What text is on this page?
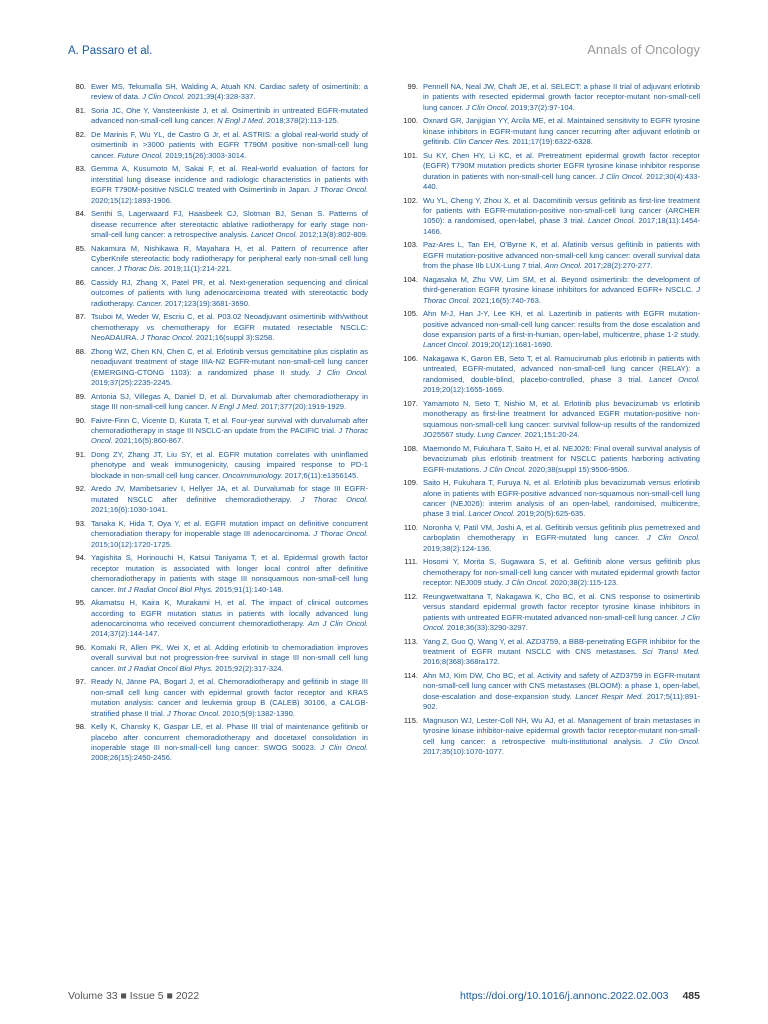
A. Passaro et al.	Annals of Oncology
80. Ewer MS, Tekumalla SH, Walding A, Atuah KN. Cardiac safety of osimertinib: a review of data. J Clin Oncol. 2021;39(4):328-337.
81. Soria JC, Ohe Y, Vansteenkiste J, et al. Osimertinib in untreated EGFR-mutated advanced non-small-cell lung cancer. N Engl J Med. 2018;378(2):113-125.
82. De Marinis F, Wu YL, de Castro G Jr, et al. ASTRIS: a global real-world study of osimertinib in >3000 patients with EGFR T790M positive non-small-cell lung cancer. Future Oncol. 2019;15(26):3003-3014.
83. Gemma A, Kusumoto M, Sakai F, et al. Real-world evaluation of factors for interstitial lung disease incidence and radiologic characteristics in patients with EGFR T790M-positive NSCLC treated with Osimertinib in Japan. J Thorac Oncol. 2020;15(12):1893-1906.
84. Senthi S, Lagerwaard FJ, Haasbeek CJ, Slotman BJ, Senan S. Patterns of disease recurrence after stereotactic ablative radiotherapy for early stage non-small-cell lung cancer: a retrospective analysis. Lancet Oncol. 2012;13(8):802-809.
85. Nakamura M, Nishikawa R, Mayahara H, et al. Pattern of recurrence after CyberKnife stereotactic body radiotherapy for peripheral early non-small cell lung cancer. J Thorac Dis. 2019;11(1):214-221.
86. Cassidy RJ, Zhang X, Patel PR, et al. Next-generation sequencing and clinical outcomes of patients with lung adenocarcinoma treated with stereotactic body radiotherapy. Cancer. 2017;123(19):3681-3690.
87. Tsuboi M, Weder W, Escriu C, et al. P03.02 Neoadjuvant osimertinib with/without chemotherapy vs chemotherapy for EGFR mutated resectable NSCLC: NeoADAURA. J Thorac Oncol. 2021;16(suppl 3):S258.
88. Zhong WZ, Chen KN, Chen C, et al. Erlotinib versus gemcitabine plus cisplatin as neoadjuvant treatment of stage IIIA-N2 EGFR-mutant non-small-cell lung cancer (EMERGING-CTONG 1103): a randomized phase II study. J Clin Oncol. 2019;37(25):2235-2245.
89. Antonia SJ, Villegas A, Daniel D, et al. Durvalumab after chemoradiotherapy in stage III non-small-cell lung cancer. N Engl J Med. 2017;377(20):1919-1929.
90. Faivre-Finn C, Vicente D, Kurata T, et al. Four-year survival with durvalumab after chemoradiotherapy in stage III NSCLC-an update from the PACIFIC trial. J Thorac Oncol. 2021;16(5):860-867.
91. Dong ZY, Zhang JT, Liu SY, et al. EGFR mutation correlates with uninflamed phenotype and weak immunogenicity, causing impaired response to PD-1 blockade in non-small cell lung cancer. Oncoimmunology. 2017;6(11):e1356145.
92. Aredo JV, Mambetsariev I, Hellyer JA, et al. Durvalumab for stage III EGFR-mutated NSCLC after definitive chemoradiotherapy. J Thorac Oncol. 2021;16(6):1030-1041.
93. Tanaka K, Hida T, Oya Y, et al. EGFR mutation impact on definitive concurrent chemoradiation therapy for inoperable stage III adenocarcinoma. J Thorac Oncol. 2015;10(12):1720-1725.
94. Yagishita S, Horinouchi H, Katsui Taniyama T, et al. Epidermal growth factor receptor mutation is associated with longer local control after definitive chemoradiotherapy in patients with stage III nonsquamous non-small-cell lung cancer. Int J Radiat Oncol Biol Phys. 2015;91(1):140-148.
95. Akamatsu H, Kaira K, Murakami H, et al. The impact of clinical outcomes according to EGFR mutation status in patients with locally advanced lung adenocarcinoma who received concurrent chemoradiotherapy. Am J Clin Oncol. 2014;37(2):144-147.
96. Komaki R, Allen PK, Wei X, et al. Adding erlotinib to chemoradiation improves overall survival but not progression-free survival in stage III non-small cell lung cancer. Int J Radiat Oncol Biol Phys. 2015;92(2):317-324.
97. Ready N, Jänne PA, Bogart J, et al. Chemoradiotherapy and gefitinib in stage III non-small cell lung cancer with epidermal growth factor receptor and KRAS mutation analysis: cancer and leukemia group B (CALEB) 30106, a CALGB-stratified phase II trial. J Thorac Oncol. 2010;5(9):1382-1390.
98. Kelly K, Chansky K, Gaspar LE, et al. Phase III trial of maintenance gefitinib or placebo after concurrent chemoradiotherapy and docetaxel consolidation in inoperable stage III non-small-cell lung cancer: SWOG S0023. J Clin Oncol. 2008;26(15):2450-2456.
99. Pennell NA, Neal JW, Chaft JE, et al. SELECT: a phase II trial of adjuvant erlotinib in patients with resected epidermal growth factor receptor-mutant non-small-cell lung cancer. J Clin Oncol. 2019;37(2):97-104.
100. Oxnard GR, Janjigian YY, Arcila ME, et al. Maintained sensitivity to EGFR tyrosine kinase inhibitors in EGFR-mutant lung cancer recurring after adjuvant erlotinib or gefitinib. Clin Cancer Res. 2011;17(19):6322-6328.
101. Su KY, Chen HY, Li KC, et al. Pretreatment epidermal growth factor receptor (EGFR) T790M mutation predicts shorter EGFR tyrosine kinase inhibitor response duration in patients with non-small-cell lung cancer. J Clin Oncol. 2012;30(4):433-440.
102. Wu YL, Cheng Y, Zhou X, et al. Dacomitinib versus gefitinib as first-line treatment for patients with EGFR-mutation-positive non-small-cell lung cancer (ARCHER 1050): a randomised, open-label, phase 3 trial. Lancet Oncol. 2017;18(11):1454-1466.
103. Paz-Ares L, Tan EH, O'Byrne K, et al. Afatinib versus gefitinib in patients with EGFR mutation-positive advanced non-small-cell lung cancer: overall survival data from the phase IIb LUX-Lung 7 trial. Ann Oncol. 2017;28(2):270-277.
104. Nagasaka M, Zhu VW, Lim SM, et al. Beyond osimertinib: the development of third-generation EGFR tyrosine kinase inhibitors for advanced EGFR+ NSCLC. J Thorac Oncol. 2021;16(5):740-763.
105. Ahn M-J, Han J-Y, Lee KH, et al. Lazertinib in patients with EGFR mutation-positive advanced non-small-cell lung cancer: results from the dose escalation and dose expansion parts of a first-in-human, open-label, multicentre, phase 1-2 study. Lancet Oncol. 2019;20(12):1681-1690.
106. Nakagawa K, Garon EB, Seto T, et al. Ramucirumab plus erlotinib in patients with untreated, EGFR-mutated, advanced non-small-cell lung cancer (RELAY): a randomised, double-blind, placebo-controlled, phase 3 trial. Lancet Oncol. 2019;20(12):1655-1669.
107. Yamamoto N, Seto T, Nishio M, et al. Erlotinib plus bevacizumab vs erlotinib monotherapy as first-line treatment for advanced EGFR mutation-positive non-squamous non-small-cell lung cancer: survival follow-up results of the randomized JO25567 study. Lung Cancer. 2021;151:20-24.
108. Maemondo M, Fukuhara T, Saito H, et al. NEJ026: Final overall survival analysis of bevacizumab plus erlotinib treatment for NSCLC patients harboring activating EGFR-mutations. J Clin Oncol. 2020;38(suppl 15):9506-9506.
109. Saito H, Fukuhara T, Furuya N, et al. Erlotinib plus bevacizumab versus erlotinib alone in patients with EGFR-positive advanced non-squamous non-small-cell lung cancer (NEJ026): interim analysis of an open-label, randomised, multicentre, phase 3 trial. Lancet Oncol. 2019;20(5):625-635.
110. Noronha V, Patil VM, Joshi A, et al. Gefitinib versus gefitinib plus pemetrexed and carboplatin chemotherapy in EGFR-mutated lung cancer. J Clin Oncol. 2019;38(2):124-136.
111. Hosomi Y, Morita S, Sugawara S, et al. Gefitinib alone versus gefitinib plus chemotherapy for non-small-cell lung cancer with mutated epidermal growth factor receptor: NEJ009 study. J Clin Oncol. 2020;38(2):115-123.
112. Reungwetwattana T, Nakagawa K, Cho BC, et al. CNS response to osimertinib versus standard epidermal growth factor receptor tyrosine kinase inhibitors in patients with untreated EGFR-mutated advanced non-small-cell lung cancer. J Clin Oncol. 2018;36(33):3290-3297.
113. Yang Z, Guo Q, Wang Y, et al. AZD3759, a BBB-penetrating EGFR inhibitor for the treatment of EGFR mutant NSCLC with CNS metastases. Sci Transl Med. 2016;8(368):368ra172.
114. Ahn MJ, Kim DW, Cho BC, et al. Activity and safety of AZD3759 in EGFR-mutant non-small-cell lung cancer with CNS metastases (BLOOM): a phase 1, open-label, dose-escalation and dose-expansion study. Lancet Respir Med. 2017;5(11):891-902.
115. Magnuson WJ, Lester-Coll NH, Wu AJ, et al. Management of brain metastases in tyrosine kinase inhibitor-naive epidermal growth factor receptor-mutant non-small-cell lung cancer: a retrospective multi-institutional analysis. J Clin Oncol. 2017;35(10):1070-1077.
Volume 33 ■ Issue 5 ■ 2022	https://doi.org/10.1016/j.annonc.2022.02.003 485
